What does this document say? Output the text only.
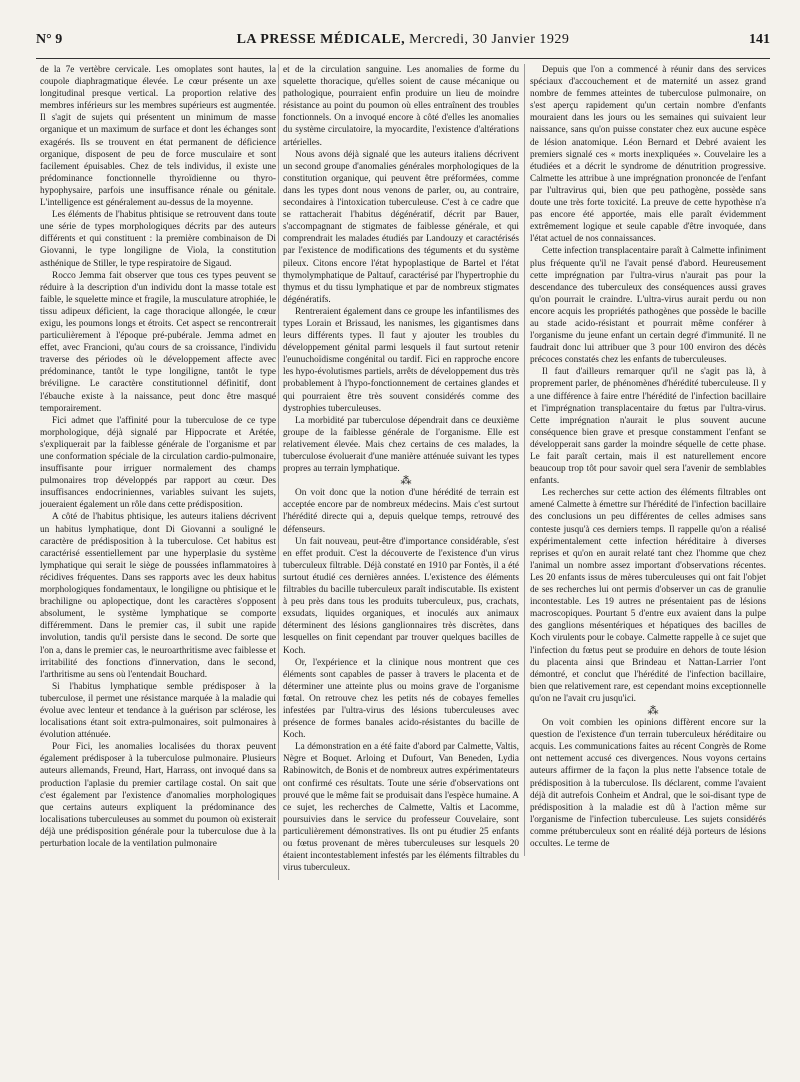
N° 9	LA PRESSE MÉDICALE, Mercredi, 30 Janvier 1929	141

de la 7e vertèbre cervicale. Les omoplates sont hautes, la coupole diaphragmatique élevée. Le cœur présente un axe longitudinal presque vertical. La proportion relative des membres inférieurs sur les membres supérieurs est augmentée. Il s'agit de sujets qui présentent un minimum de masse organique et un maximum de surface et dont les échanges sont exagérés. Ils se trouvent en état permanent de déficience organique, disposent de peu de force musculaire et sont facilement épuisables. Chez de tels individus, il existe une prédominance fonctionnelle thyroïdienne ou thyro-hypophysaire, parfois une insuffisance rénale ou génitale. L'intelligence est généralement au-dessus de la moyenne.

Les éléments de l'habitus phtisique se retrouvent dans toute une série de types morphologiques décrits par des auteurs différents et qui constituent : la première combinaison de Di Giovanni, le type longiligne de Viola, la constitution asthénique de Stiller, le type respiratoire de Sigaud.

Rocco Jemma fait observer que tous ces types peuvent se réduire à la description d'un individu dont la masse totale est faible, le squelette mince et fragile, la musculature atrophiée, le tissu adipeux déficient, la cage thoracique allongée, le cœur exigu, les poumons longs et étroits. Cet aspect se rencontrerait particulièrement à l'époque pré-pubérale. Jemma admet en effet, avec Francioni, qu'au cours de sa croissance, l'individu traverse des périodes où le développement affecte avec prédominance, tantôt le type longiligne, tantôt le type bréviligne. Le caractère constitutionnel définitif, dont l'ébauche existe à la naissance, peut donc être masqué temporairement.

Fici admet que l'affinité pour la tuberculose de ce type morphologique, déjà signalé par Hippocrate et Arétée, s'expliquerait par la faiblesse générale de l'organisme et par une conformation spéciale de la circulation cardio-pulmonaire, insuffisante pour irriguer normalement des champs pulmonaires trop développés par rapport au cœur. Des insuffisances endocriniennes, variables suivant les sujets, joueraient également un rôle dans cette prédisposition.

A côté de l'habitus phtisique, les auteurs italiens décrivent un habitus lymphatique, dont Di Giovanni a souligné le caractère de prédisposition à la tuberculose. Cet habitus est caractérisé essentiellement par une hyperplasie du système lymphatique qui serait le siège de poussées inflammatoires à récidives fréquentes. Dans ses rapports avec les deux habitus morphologiques fondamentaux, le longiligne ou phtisique et le brachiligne ou aplopectique, dont les caractères s'opposent absolument, le système lymphatique se comporte différemment. Dans le premier cas, il subit une rapide involution, tandis qu'il persiste dans le second. De sorte que l'on a, dans le premier cas, le neuroarthritisme avec faiblesse et irritabilité des fonctions d'innervation, dans le second, l'arthritisme au sens où l'entendait Bouchard.

Si l'habitus lymphatique semble prédisposer à la tuberculose, il permet une résistance marquée à la maladie qui évolue avec lenteur et tendance à la guérison par sclérose, les localisations étant soit extra-pulmonaires, soit pulmonaires à évolution atténuée.

Pour Fici, les anomalies localisées du thorax peuvent également prédisposer à la tuberculose pulmonaire. Plusieurs auteurs allemands, Freund, Hart, Harrass, ont invoqué dans sa production l'aplasie du premier cartilage costal. On sait que c'est également par l'existence d'anomalies morphologiques que certains auteurs expliquent la prédominance des localisations tuberculeuses au sommet du poumon où existerait déjà une prédisposition générale pour la tuberculose due à la perturbation locale de la ventilation pulmonaire

et de la circulation sanguine. Les anomalies de forme du squelette thoracique, qu'elles soient de cause mécanique ou pathologique, pourraient enfin produire un lieu de moindre résistance au point du poumon où elles entraînent des troubles fonctionnels. On a invoqué encore à côté d'elles les anomalies du système circulatoire, la myocardite, l'existence d'altérations artérielles.

Nous avons déjà signalé que les auteurs italiens décrivent un second groupe d'anomalies générales morphologiques de la constitution organique, qui peuvent être préformées, comme dans les types dont nous venons de parler, ou, au contraire, secondaires à l'intoxication tuberculeuse. C'est à ce cadre que se rattacherait l'habitus dégénératif, décrit par Bauer, s'accompagnant de stigmates de faiblesse générale, et qui comprendrait les malades étudiés par Landouzy et caractérisés par l'existence de modifications des téguments et du système pileux. Citons encore l'état hypoplastique de Bartel et l'état thymolymphatique de Paltauf, caractérisé par l'hypertrophie du thymus et du tissu lymphatique et par de nombreux stigmates dégénératifs.

Rentreraient également dans ce groupe les infantilismes des types Lorain et Brissaud, les nanismes, les gigantismes dans leurs différents types. Il faut y ajouter les troubles du développement génital parmi lesquels il faut surtout retenir l'eunuchoïdisme congénital ou tardif. Fici en rapproche encore les hypo-évolutismes partiels, arrêts de développement dus très probablement à l'hypo-fonctionnement de certaines glandes et qui pourraient être très souvent considérés comme des dystrophies tuberculeuses.

La morbidité par tuberculose dépendrait dans ce deuxième groupe de la faiblesse générale de l'organisme. Elle est relativement élevée. Mais chez certains de ces malades, la tuberculose évoluerait d'une manière atténuée suivant les types propres au terrain lymphatique.

⁂

On voit donc que la notion d'une hérédité de terrain est acceptée encore par de nombreux médecins. Mais c'est surtout l'hérédité directe qui a, depuis quelque temps, retrouvé des défenseurs.

Un fait nouveau, peut-être d'importance considérable, s'est en effet produit. C'est la découverte de l'existence d'un virus tuberculeux filtrable. Déjà constaté en 1910 par Fontès, il a été surtout étudié ces dernières années. L'existence des éléments filtrables du bacille tuberculeux paraît indiscutable. Ils existent à peu près dans tous les produits tuberculeux, pus, crachats, exsudats, liquides organiques, et inoculés aux animaux déterminent des lésions ganglionnaires très discrètes, dans lesquelles on finit cependant par trouver quelques bacilles de Koch.

Or, l'expérience et la clinique nous montrent que ces éléments sont capables de passer à travers le placenta et de déterminer une atteinte plus ou moins grave de l'organisme fœtal. On retrouve chez les petits nés de cobayes femelles infestées par l'ultra-virus des lésions tuberculeuses avec présence de formes banales acido-résistantes du bacille de Koch.

La démonstration en a été faite d'abord par Calmette, Valtis, Nègre et Boquet. Arloing et Dufourt, Van Beneden, Lydia Rabinowitch, de Bonis et de nombreux autres expérimentateurs ont confirmé ces résultats. Toute une série d'observations ont prouvé que le même fait se produisait dans l'espèce humaine. A ce sujet, les recherches de Calmette, Valtis et Lacomme, poursuivies dans le service du professeur Couvelaire, sont particulièrement démonstratives. Ils ont pu étudier 25 enfants ou fœtus provenant de mères tuberculeuses sur lesquels 20 étaient incontestablement infestés par les éléments filtrables du virus tuberculeux.

Depuis que l'on a commencé à réunir dans des services spéciaux d'accouchement et de maternité un assez grand nombre de femmes atteintes de tuberculose pulmonaire, on s'est aperçu rapidement qu'un certain nombre d'enfants mouraient dans les jours ou les semaines qui suivaient leur naissance, sans qu'on puisse constater chez eux aucune espèce de lésion anatomique. Léon Bernard et Debré avaient les premiers signalé ces « morts inexpliquées ». Couvelaire les a étudiées et a décrit le syndrome de dénutrition progressive. Calmette les attribue à une imprégnation prononcée de l'enfant par l'ultravirus qui, bien que peu pathogène, possède sans doute une très forte toxicité. La preuve de cette hypothèse n'a pas encore été apportée, mais elle paraît évidemment extrêmement logique et seule capable d'être invoquée, dans l'état actuel de nos connaissances.

Cette infection transplacentaire paraît à Calmette infiniment plus fréquente qu'il ne l'avait pensé d'abord. Heureusement cette imprégnation par l'ultra-virus n'aurait pas pour la descendance des tuberculeux des conséquences aussi graves qu'on pourrait le craindre. L'ultra-virus aurait perdu ou non encore acquis les propriétés pathogènes que possède le bacille au stade acido-résistant et pourrait même conférer à l'organisme du jeune enfant un certain degré d'immunité. Il ne faudrait donc lui attribuer que 3 pour 100 environ des décès précoces constatés chez les enfants de tuberculeuses.

Il faut d'ailleurs remarquer qu'il ne s'agit pas là, à proprement parler, de phénomènes d'hérédité tuberculeuse. Il y a une différence à faire entre l'hérédité de l'infection bacillaire et l'imprégnation transplacentaire du fœtus par l'ultra-virus. Cette imprégnation n'aurait le plus souvent aucune conséquence bien grave et presque constamment l'enfant se développerait sans garder la moindre séquelle de cette phase. Le fait paraît certain, mais il est naturellement encore beaucoup trop tôt pour savoir quel sera l'avenir de semblables enfants.

Les recherches sur cette action des éléments filtrables ont amené Calmette à émettre sur l'hérédité de l'infection bacillaire des conclusions un peu différentes de celles admises sans conteste jusqu'à ces derniers temps. Il rappelle qu'on a réalisé expérimentalement cette infection héréditaire à diverses reprises et qu'on en aurait relaté tant chez l'homme que chez l'animal un nombre assez important d'observations récentes. Les 20 enfants issus de mères tuberculeuses qui ont fait l'objet de ses recherches lui ont permis d'observer un cas de granulie incontestable. Les 19 autres ne présentaient pas de lésions macroscopiques. Pourtant 5 d'entre eux avaient dans la pulpe des ganglions mésentériques et hépatiques des bacilles de Koch virulents pour le cobaye. Calmette rappelle à ce sujet que l'infection du fœtus peut se produire en dehors de toute lésion du placenta ainsi que Brindeau et Nattan-Larrier l'ont démontré, et conclut que l'hérédité de l'infection bacillaire, bien que relativement rare, est cependant moins exceptionnelle qu'on ne l'avait cru jusqu'ici.

⁂

On voit combien les opinions diffèrent encore sur la question de l'existence d'un terrain tuberculeux héréditaire ou acquis. Les communications faites au récent Congrès de Rome ont nettement accusé ces divergences. Nous voyons certains auteurs affirmer de la façon la plus nette l'absence totale de prédisposition à la tuberculose. Ils déclarent, comme l'avaient déjà dit autrefois Conheim et Andral, que le soi-disant type de prédisposition à la maladie est dû à l'action même sur l'organisme de l'infection tuberculeuse. Les sujets considérés comme prétuberculeux sont en réalité déjà porteurs de lésions occultes. Le terme de
